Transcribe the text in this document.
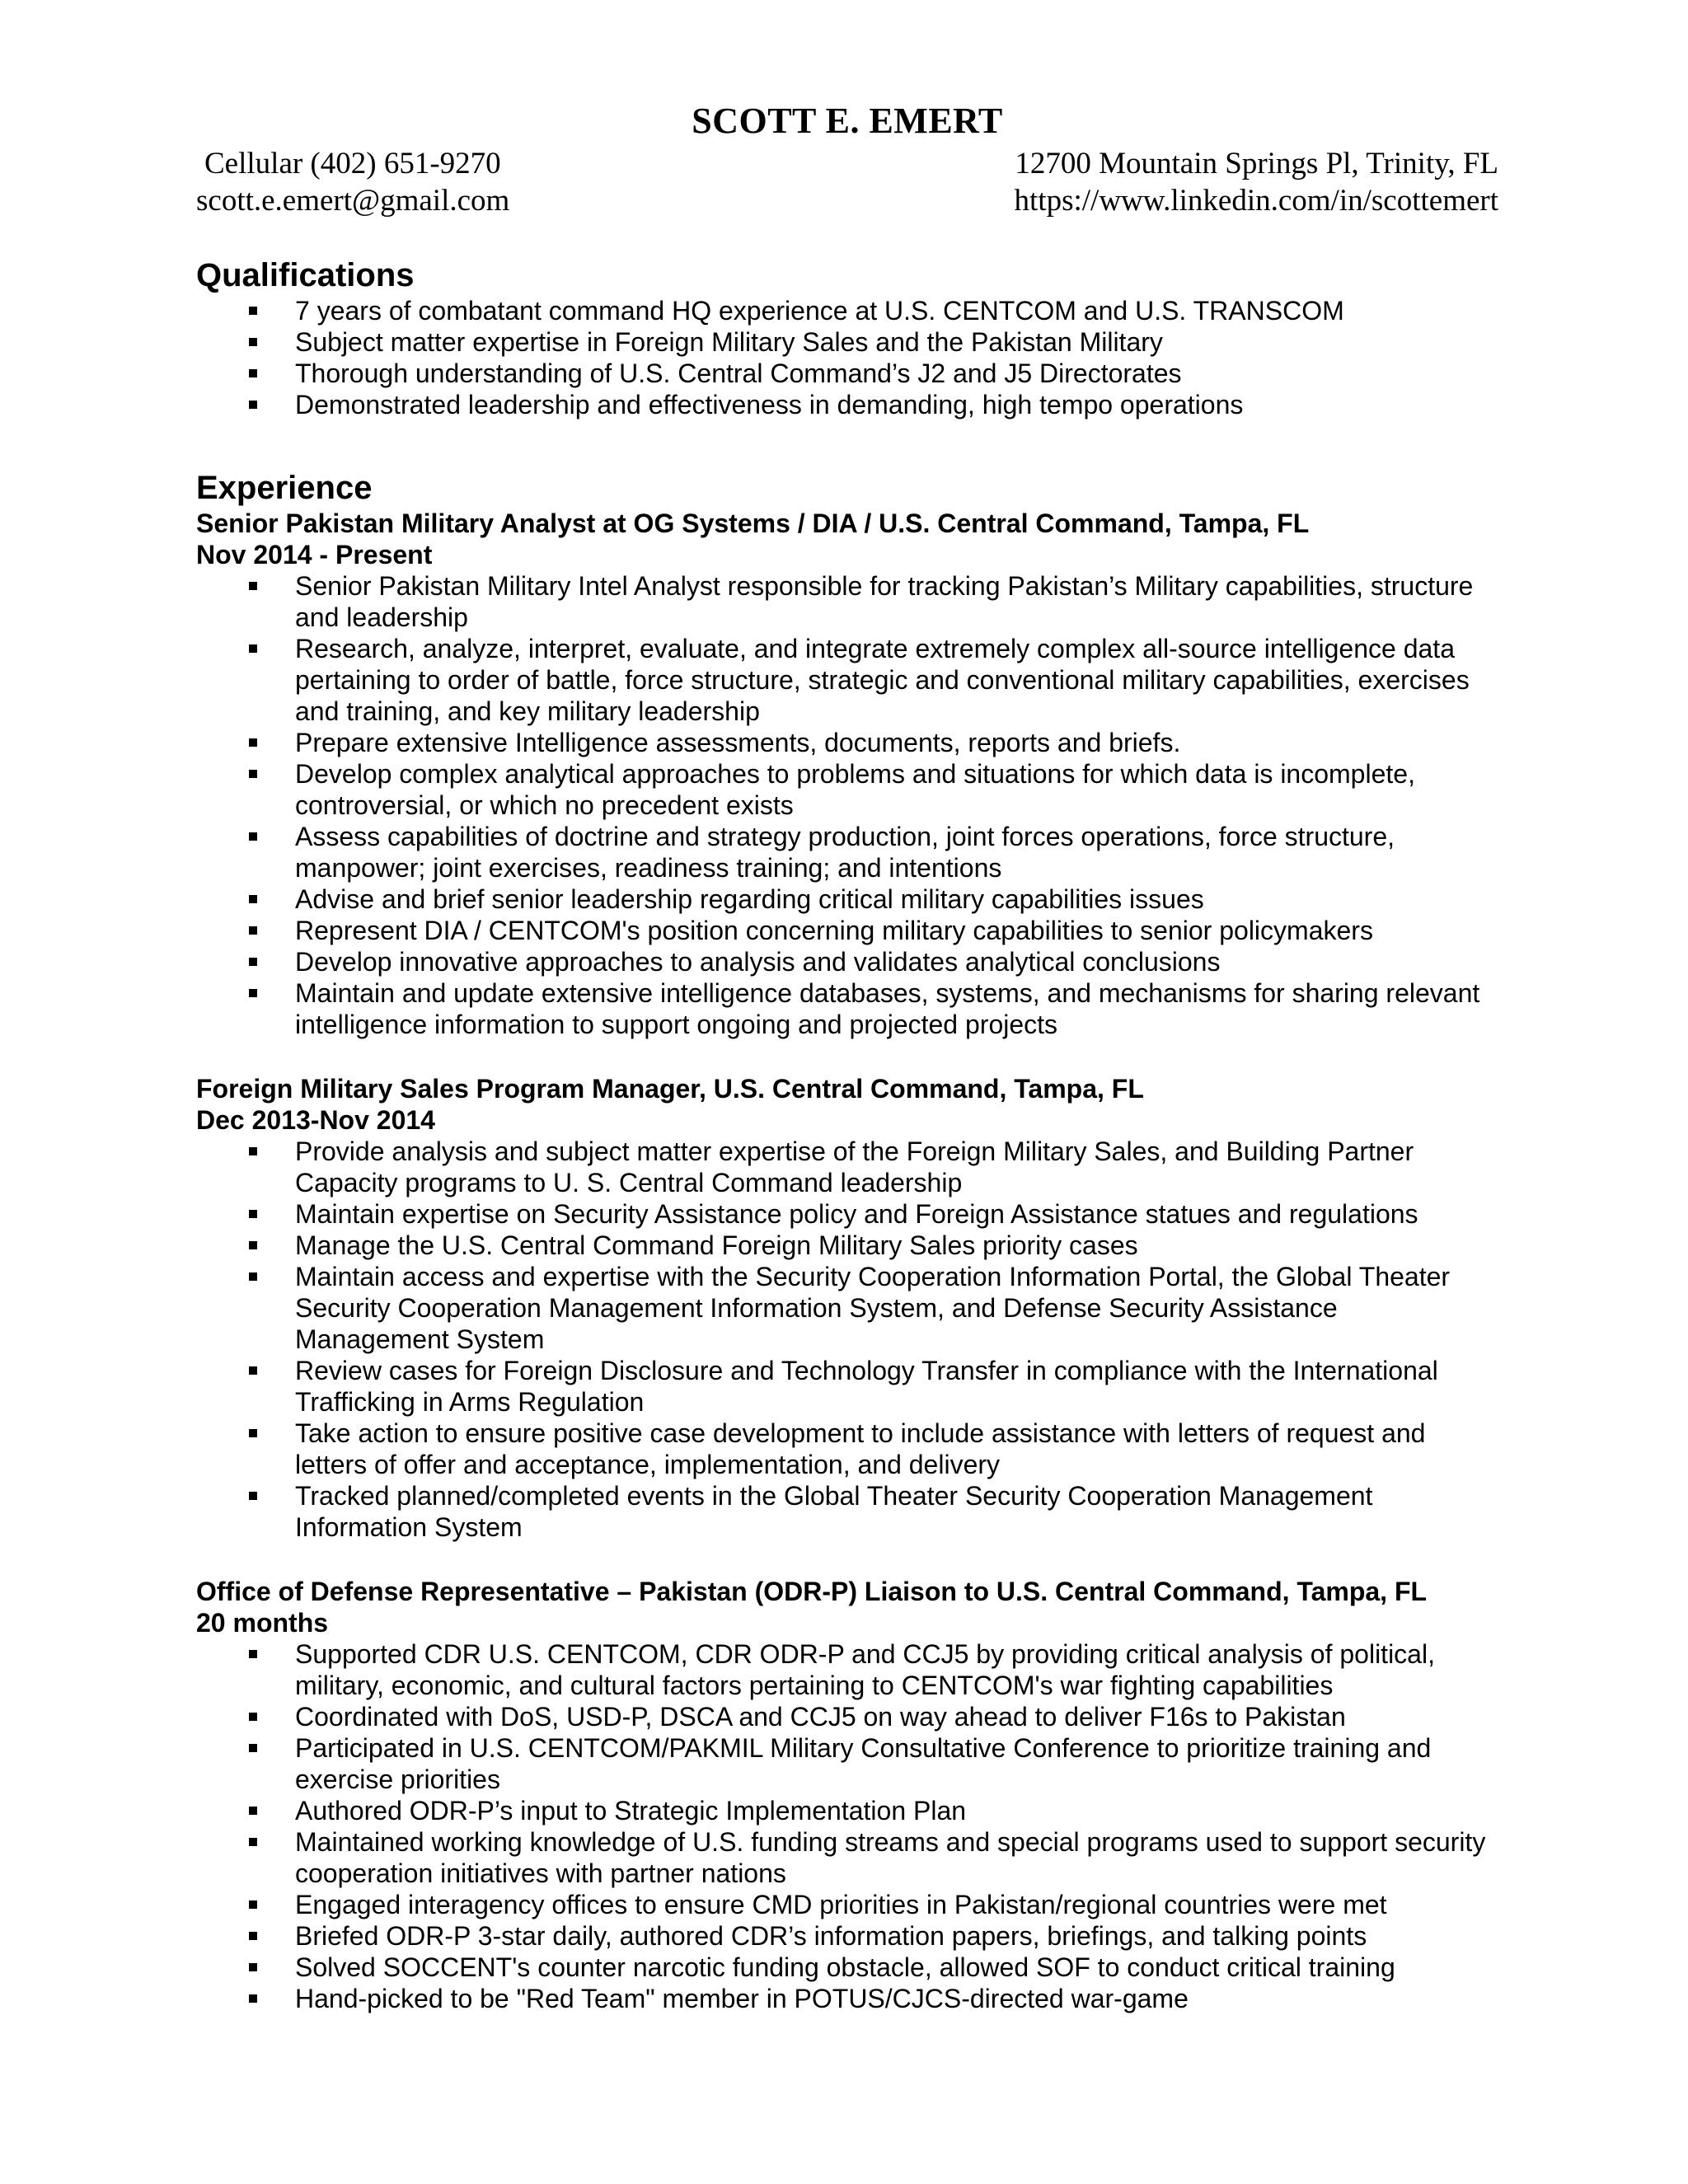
SCOTT E. EMERT
Cellular (402) 651-9270	12700 Mountain Springs Pl, Trinity, FL
scott.e.emert@gmail.com	https://www.linkedin.com/in/scottemert
Qualifications
7 years of combatant command HQ experience at U.S. CENTCOM and U.S. TRANSCOM
Subject matter expertise in Foreign Military Sales and the Pakistan Military
Thorough understanding of U.S. Central Command’s J2 and J5 Directorates
Demonstrated leadership and effectiveness in demanding, high tempo operations
Experience
Senior Pakistan Military Analyst at OG Systems / DIA / U.S. Central Command, Tampa, FL
Nov 2014 - Present
Senior Pakistan Military Intel Analyst responsible for tracking Pakistan’s Military capabilities, structure and leadership
Research, analyze, interpret, evaluate, and integrate extremely complex all-source intelligence data pertaining to order of battle, force structure, strategic and conventional military capabilities, exercises and training, and key military leadership
Prepare extensive Intelligence assessments, documents, reports and briefs.
Develop complex analytical approaches to problems and situations for which data is incomplete, controversial, or which no precedent exists
Assess capabilities of doctrine and strategy production, joint forces operations, force structure, manpower; joint exercises, readiness training; and intentions
Advise and brief senior leadership regarding critical military capabilities issues
Represent DIA / CENTCOM's position concerning military capabilities to senior policymakers
Develop innovative approaches to analysis and validates analytical conclusions
Maintain and update extensive intelligence databases, systems, and mechanisms for sharing relevant intelligence information to support ongoing and projected projects
Foreign Military Sales Program Manager, U.S. Central Command, Tampa, FL
Dec 2013-Nov 2014
Provide analysis and subject matter expertise of the Foreign Military Sales, and Building Partner Capacity programs to U. S. Central Command leadership
Maintain expertise on Security Assistance policy and Foreign Assistance statues and regulations
Manage the U.S. Central Command Foreign Military Sales priority cases
Maintain access and expertise with the Security Cooperation Information Portal, the Global Theater Security Cooperation Management Information System, and Defense Security Assistance Management System
Review cases for Foreign Disclosure and Technology Transfer in compliance with the International Trafficking in Arms Regulation
Take action to ensure positive case development to include assistance with letters of request and letters of offer and acceptance, implementation, and delivery
Tracked planned/completed events in the Global Theater Security Cooperation Management Information System
Office of Defense Representative – Pakistan (ODR-P) Liaison to U.S. Central Command, Tampa, FL
20 months
Supported CDR U.S. CENTCOM, CDR ODR-P and CCJ5 by providing critical analysis of political, military, economic, and cultural factors pertaining to CENTCOM's war fighting capabilities
Coordinated with DoS, USD-P, DSCA and CCJ5 on way ahead to deliver F16s to Pakistan
Participated in U.S. CENTCOM/PAKMIL Military Consultative Conference to prioritize training and exercise priorities
Authored ODR-P’s input to Strategic Implementation Plan
Maintained working knowledge of U.S. funding streams and special programs used to support security cooperation initiatives with partner nations
Engaged interagency offices to ensure CMD priorities in Pakistan/regional countries were met
Briefed ODR-P 3-star daily, authored CDR’s information papers, briefings, and talking points
Solved SOCCENT's counter narcotic funding obstacle, allowed SOF to conduct critical training
Hand-picked to be "Red Team" member in POTUS/CJCS-directed war-game
